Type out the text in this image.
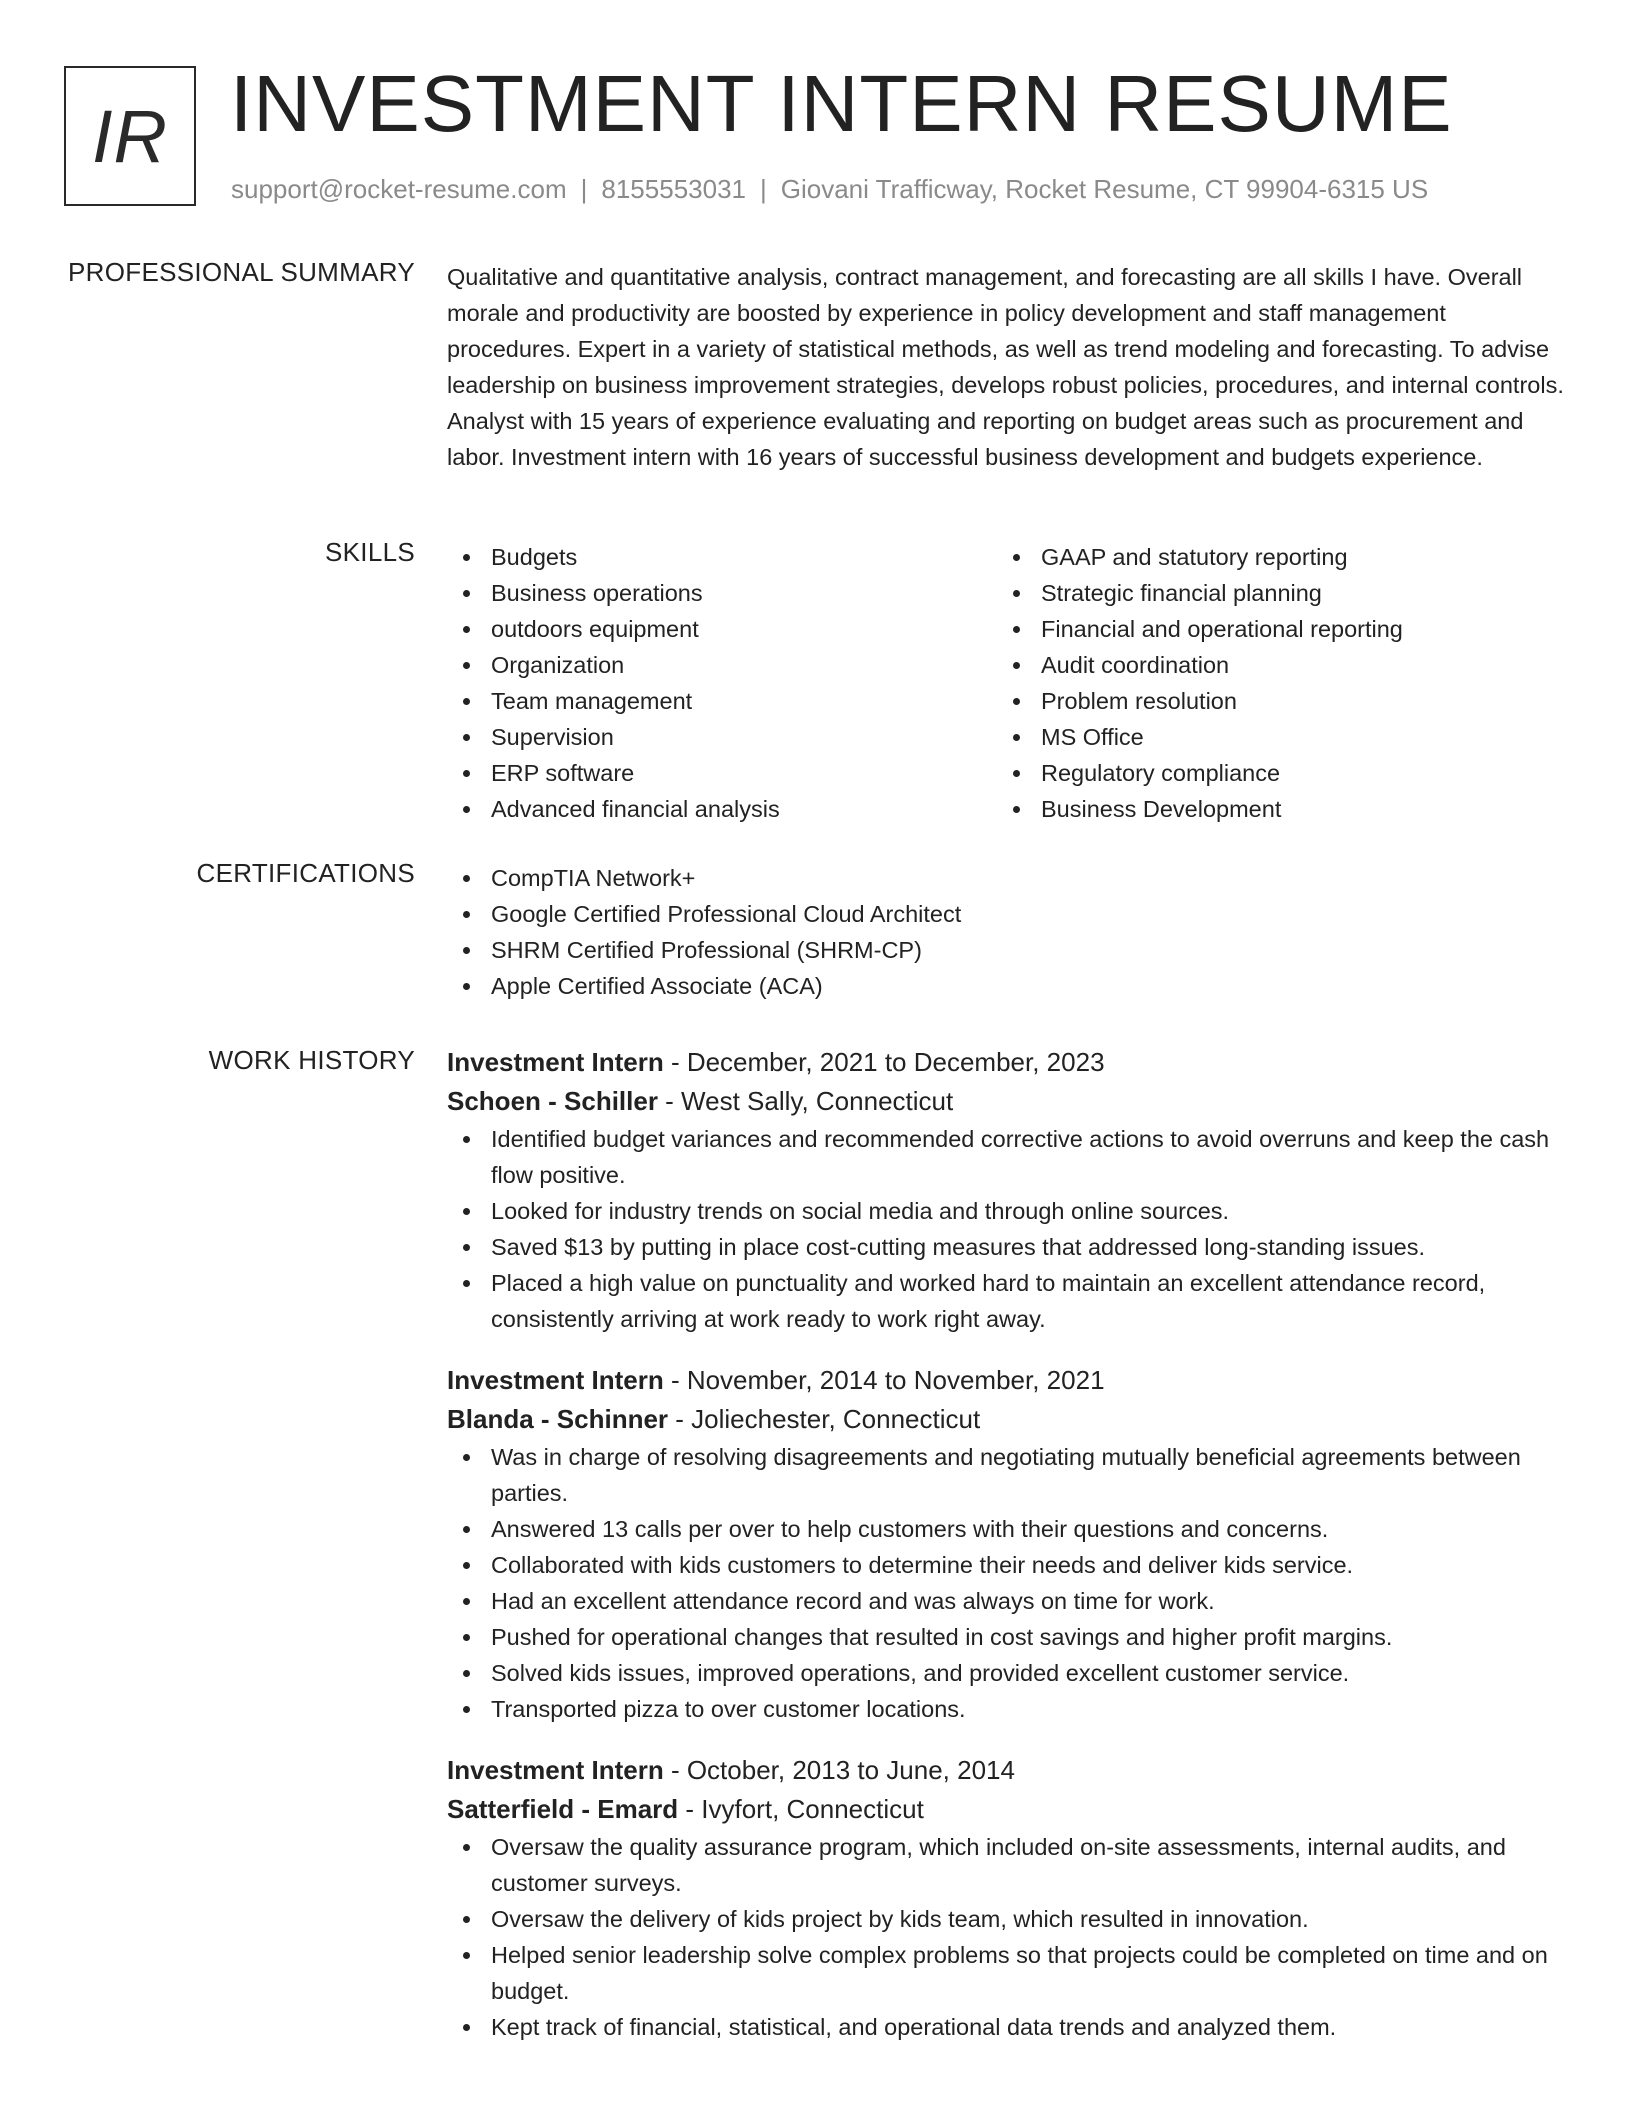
IR INVESTMENT INTERN RESUME
support@rocket-resume.com | 8155553031 | Giovani Trafficway, Rocket Resume, CT 99904-6315 US
PROFESSIONAL SUMMARY Qualitative and quantitative analysis, contract management, and forecasting are all skills I have. Overall morale and productivity are boosted by experience in policy development and staff management procedures. Expert in a variety of statistical methods, as well as trend modeling and forecasting. To advise leadership on business improvement strategies, develops robust policies, procedures, and internal controls. Analyst with 15 years of experience evaluating and reporting on budget areas such as procurement and labor. Investment intern with 16 years of successful business development and budgets experience.

SKILLS	Budgets
Business operations
outdoors equipment
Organization
Team management
Supervision
ERP software
Advanced financial analysis
GAAP and statutory reporting
Strategic financial planning
Financial and operational reporting
Audit coordination
Problem resolution
MS Office
Regulatory compliance
Business Development
CERTIFICATIONS	CompTIA Network+
Google Certified Professional Cloud Architect
SHRM Certified Professional (SHRM-CP)
Apple Certified Associate (ACA)
WORK HISTORY Investment Intern - December, 2021 to December, 2023
Schoen - Schiller - West Sally, Connecticut
Identified budget variances and recommended corrective actions to avoid overruns and keep the cash flow positive.
Looked for industry trends on social media and through online sources.
Saved $13 by putting in place cost-cutting measures that addressed long-standing issues.
Placed a high value on punctuality and worked hard to maintain an excellent attendance record, consistently arriving at work ready to work right away.
Investment Intern - November, 2014 to November, 2021
Blanda - Schinner - Joliechester, Connecticut
Was in charge of resolving disagreements and negotiating mutually beneficial agreements between parties.
Answered 13 calls per over to help customers with their questions and concerns.
Collaborated with kids customers to determine their needs and deliver kids service.
Had an excellent attendance record and was always on time for work.
Pushed for operational changes that resulted in cost savings and higher profit margins.
Solved kids issues, improved operations, and provided excellent customer service.
Transported pizza to over customer locations.
Investment Intern - October, 2013 to June, 2014
Satterfield - Emard - Ivyfort, Connecticut
Oversaw the quality assurance program, which included on-site assessments, internal audits, and customer surveys.
Oversaw the delivery of kids project by kids team, which resulted in innovation.
Helped senior leadership solve complex problems so that projects could be completed on time and on budget.
Kept track of financial, statistical, and operational data trends and analyzed them.
